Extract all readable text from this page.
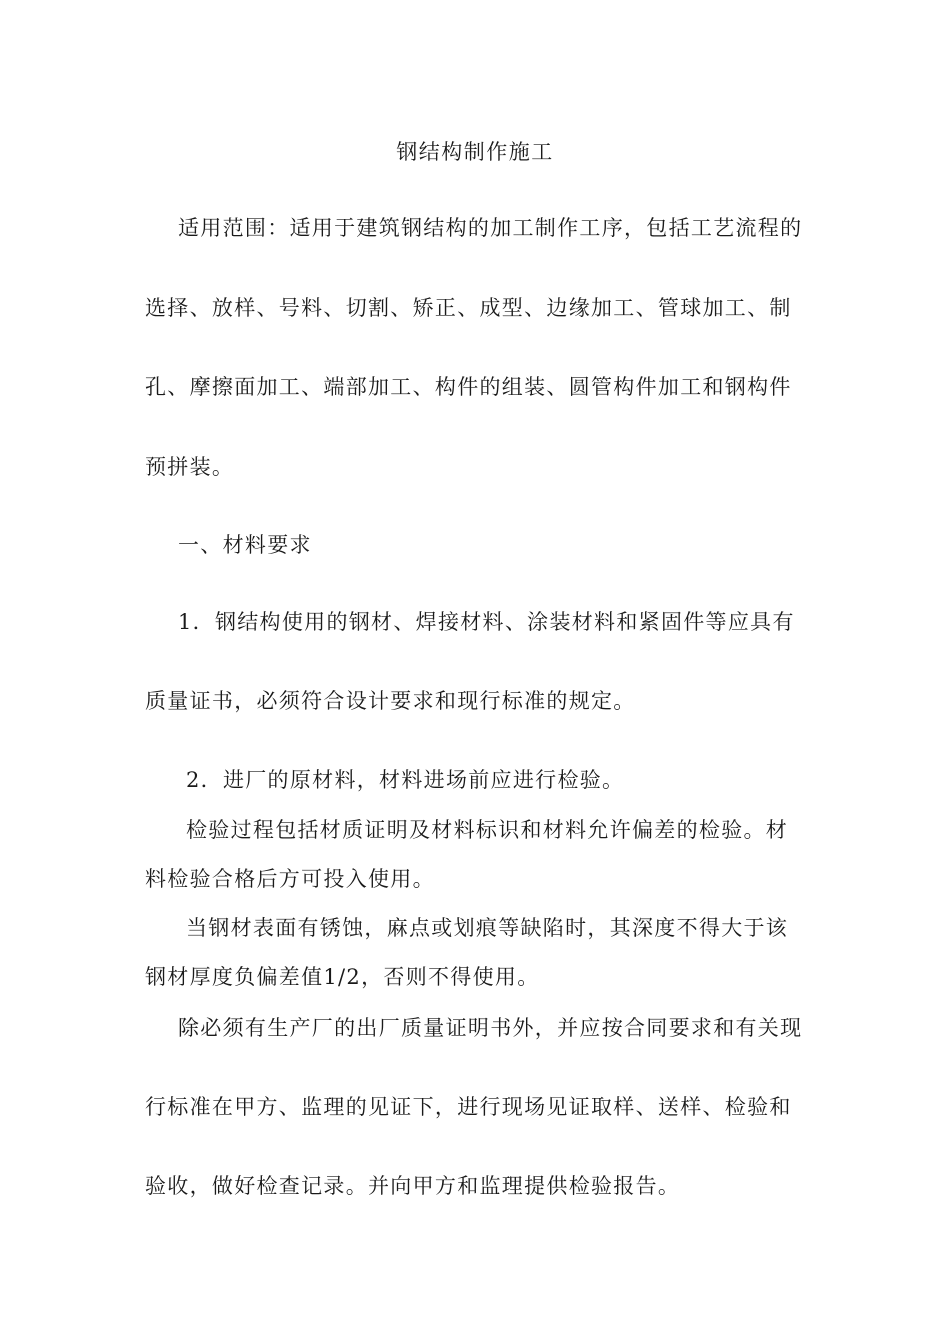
钢结构制作施工
适用范围：适用于建筑钢结构的加工制作工序，包括工艺流程的
选择、放样、号料、切割、矫正、成型、边缘加工、管球加工、制
孔、摩擦面加工、端部加工、构件的组装、圆管构件加工和钢构件
预拼装。
一、材料要求
1．钢结构使用的钢材、焊接材料、涂装材料和紧固件等应具有
质量证书，必须符合设计要求和现行标准的规定。
2．进厂的原材料，材料进场前应进行检验。
检验过程包括材质证明及材料标识和材料允许偏差的检验。材
料检验合格后方可投入使用。
当钢材表面有锈蚀，麻点或划痕等缺陷时，其深度不得大于该
钢材厚度负偏差值1/2，否则不得使用。
除必须有生产厂的出厂质量证明书外，并应按合同要求和有关现
行标准在甲方、监理的见证下，进行现场见证取样、送样、检验和
验收，做好检查记录。并向甲方和监理提供检验报告。
